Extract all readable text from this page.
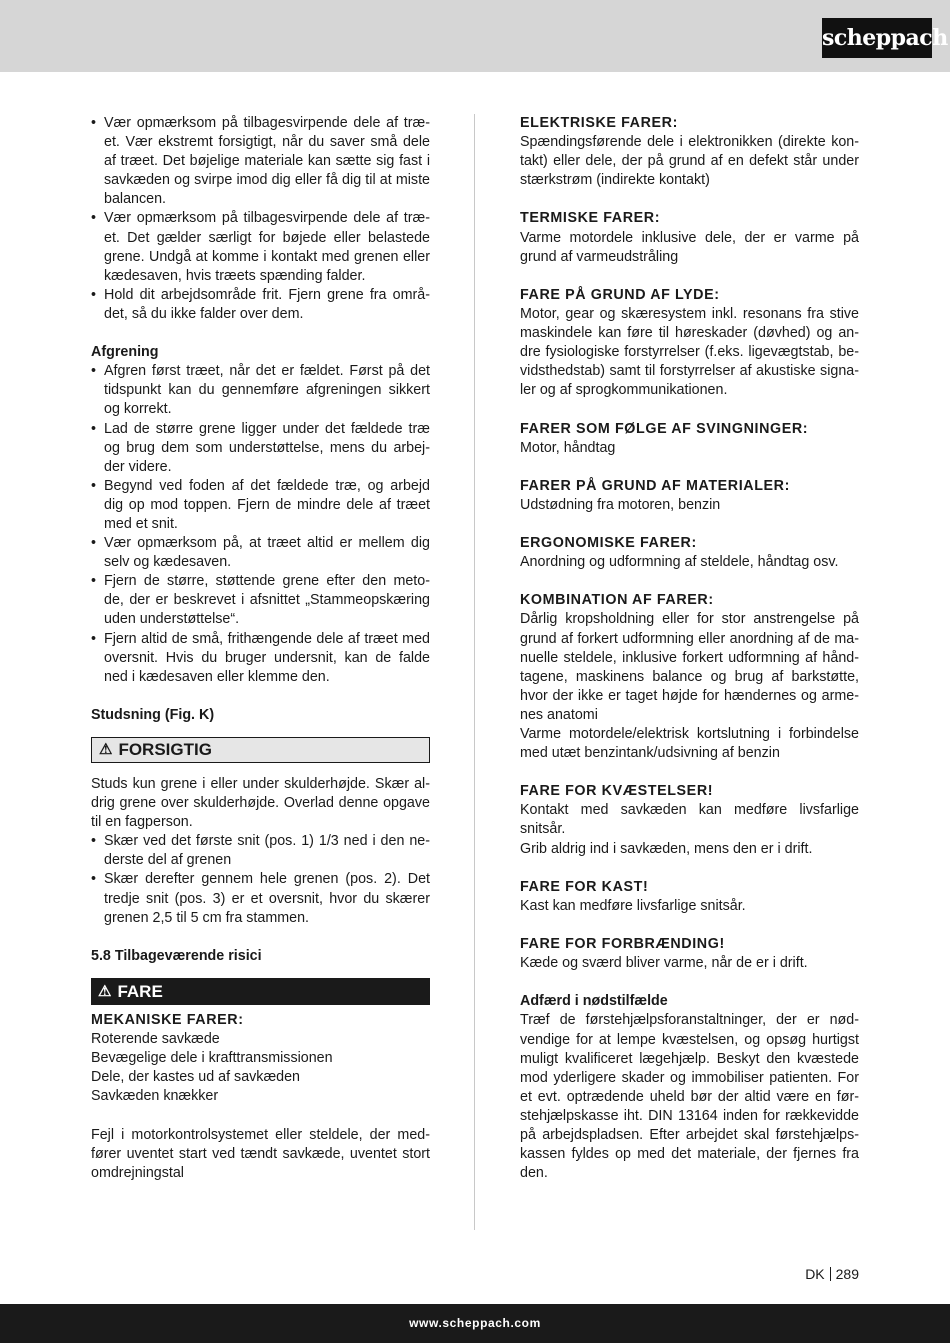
scheppach
• Vær opmærksom på tilbagesvirpende dele af træ- et. Vær ekstremt forsigtigt, når du saver små dele af træet. Det bøjelige materiale kan sætte sig fast i savkæden og svirpe imod dig eller få dig til at miste balancen.
• Vær opmærksom på tilbagesvirpende dele af træ- et. Det gælder særligt for bøjede eller belastede grene. Undgå at komme i kontakt med grenen eller kædesaven, hvis træets spænding falder.
• Hold dit arbejdsområde frit. Fjern grene fra områ- det, så du ikke falder over dem.

Afgrening

• Afgren først træet, når det er fældet. Først på det tidspunkt kan du gennemføre afgreningen sikkert og korrekt.
• Lad de større grene ligger under det fældede træ og brug dem som understøttelse, mens du arbej- der videre.
• Begynd ved foden af det fældede træ, og arbejd dig op mod toppen. Fjern de mindre dele af træet med et snit.
• Vær opmærksom på, at træet altid er mellem dig selv og kædesaven.
• Fjern de større, støttende grene efter den meto- de, der er beskrevet i afsnittet „Stammeopskæring uden understøttelse“.
• Fjern altid de små, frithængende dele af træet med oversnit. Hvis du bruger undersnit, kan de falde ned i kædesaven eller klemme den.

Studsning (Fig. K)

⚠ FORSIGTIG

Studs kun grene i eller under skulderhøjde. Skær al- drig grene over skulderhøjde. Overlad denne opgave til en fagperson.

• Skær ved det første snit (pos. 1) 1/3 ned i den ne- derste del af grenen
• Skær derefter gennem hele grenen (pos. 2). Det tredje snit (pos. 3) er et oversnit, hvor du skærer grenen 2,5 til 5 cm fra stammen.

5.8 Tilbageværende risici

⚠ FARE

MEKANISKE FARER:

Roterende savkæde

Bevægelige dele i krafttransmissionen

Dele, der kastes ud af savkæden

Savkæden knækker

Fejl i motorkontrolsystemet eller steldele, der med- fører uventet start ved tændt savkæde, uventet stort omdrejningstal

ELEKTRISKE FARER:

Spændingsførende dele i elektronikken (direkte kon- takt) eller dele, der på grund af en defekt står under stærkstrøm (indirekte kontakt)

TERMISKE FARER:

Varme motordele inklusive dele, der er varme på grund af varmeudstråling

FARE PÅ GRUND AF LYDE:

Motor, gear og skæresystem inkl. resonans fra stive maskindele kan føre til høreskader (døvhed) og an- dre fysiologiske forstyrrelser (f.eks. ligevægtstab, be- vidsthedstab) samt til forstyrrelser af akustiske signa- ler og af sprogkommunikationen.

FARER SOM FØLGE AF SVINGNINGER:

Motor, håndtag

FARER PÅ GRUND AF MATERIALER:

Udstødning fra motoren, benzin

ERGONOMISKE FARER:

Anordning og udformning af steldele, håndtag osv.

KOMBINATION AF FARER:

Dårlig kropsholdning eller for stor anstrengelse på grund af forkert udformning eller anordning af de ma- nuelle steldele, inklusive forkert udformning af hånd- tagene, maskinens balance og brug af barkstøtte, hvor der ikke er taget højde for hændernes og arme- nes anatomi

Varme motordele/elektrisk kortslutning i forbindelse med utæt benzintank/udsivning af benzin

FARE FOR KVÆSTELSER!

Kontakt med savkæden kan medføre livsfarlige snitsår.

Grib aldrig ind i savkæden, mens den er i drift.

FARE FOR KAST!

Kast kan medføre livsfarlige snitsår.

FARE FOR FORBRÆNDING!

Kæde og sværd bliver varme, når de er i drift.

Adfærd i nødstilfælde

Træf de førstehjælpsforanstaltninger, der er nød- vendige for at lempe kvæstelsen, og opsøg hurtigst muligt kvalificeret lægehjælp. Beskyt den kvæstede mod yderligere skader og immobiliser patienten. For et evt. optrædende uheld bør der altid være en før- stehjælpskasse iht. DIN 13164 inden for rækkevidde på arbejdspladsen. Efter arbejdet skal førstehjælps- kassen fyldes op med det materiale, der fjernes fra den.

DK 289
www.scheppach.com
